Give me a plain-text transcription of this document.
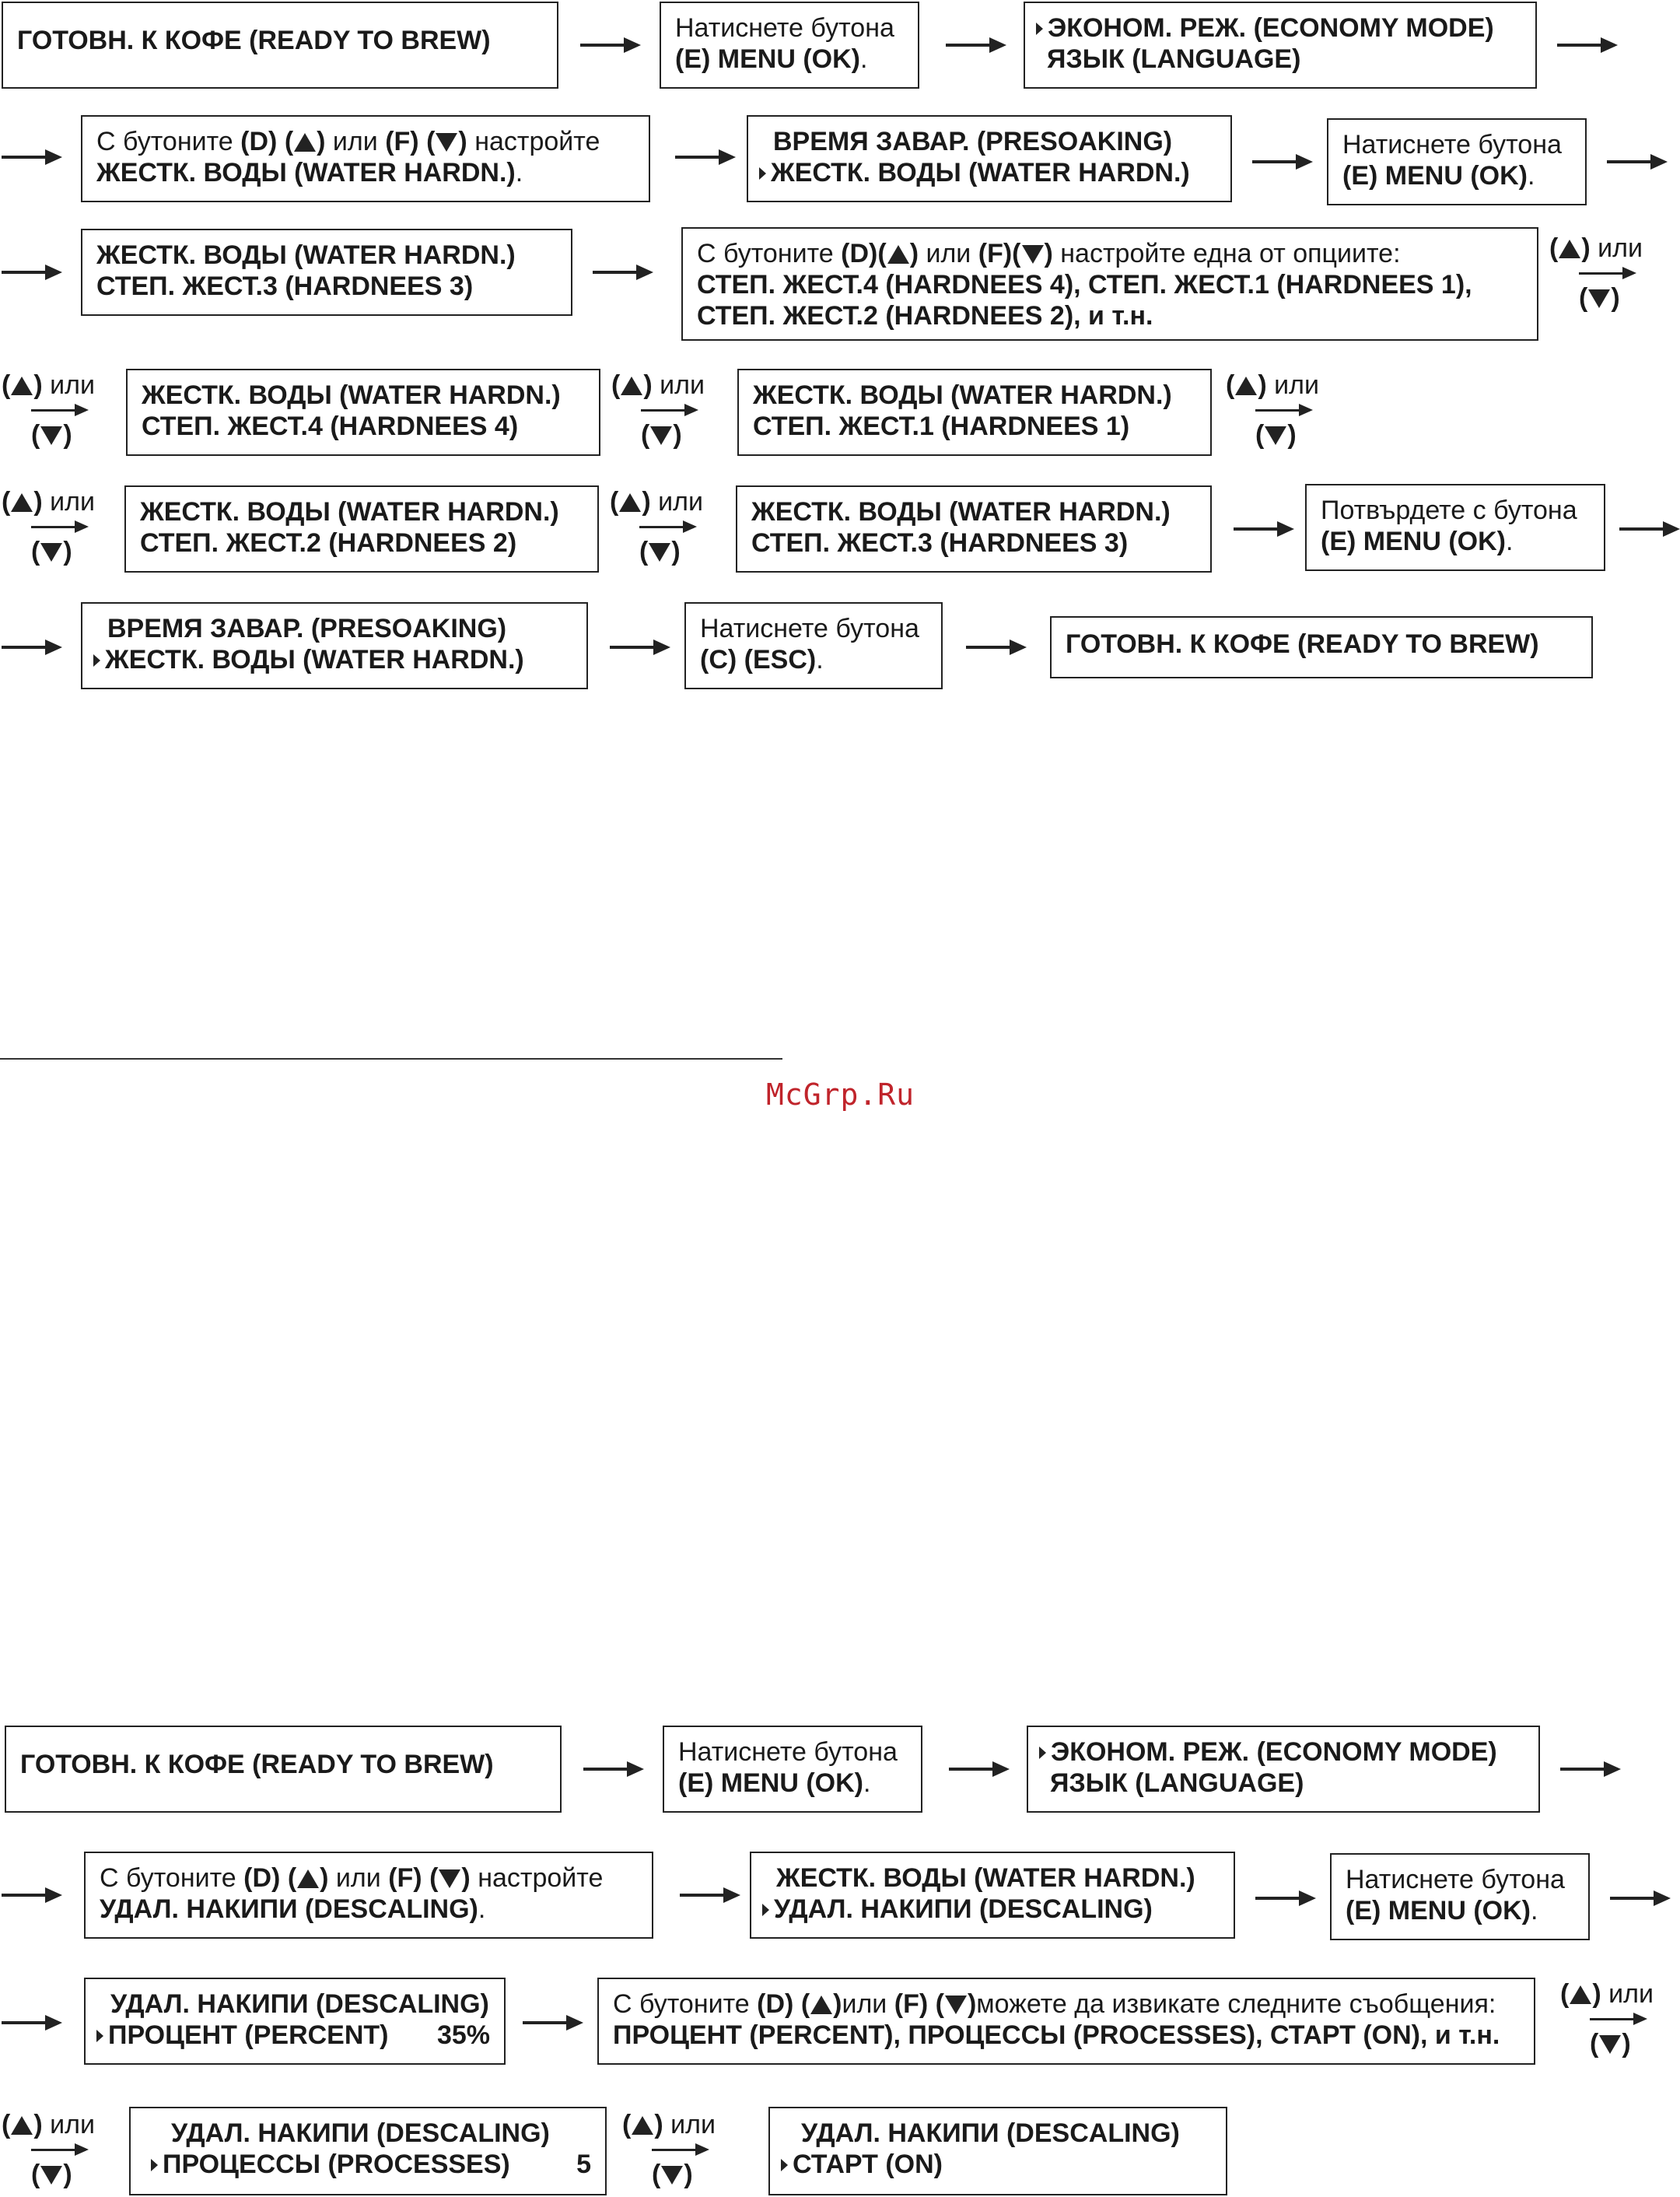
ГОТОВН. К КОФЕ (READY TO BREW)	Натиснете бутона
(E) MENU (OK).
ЭКОНОМ. РЕЖ. (ECONOMY MODE)
ЯЗЫК (LANGUAGE)
С бутоните (D) ( ) или (F) ( ) настройте
ЖЕСТК. ВОДЫ (WATER HARDN.).
ВРЕМЯ ЗАВАР. (PRESOAKING)
ЖЕСТК. ВОДЫ (WATER HARDN.)
Натиснете бутона
(E) MENU (OK).
ЖЕСТК. ВОДЫ (WATER HARDN.)
СТЕП. ЖЕСТ.3 (HARDNEES 3)
С бутоните (D)( ) или (F)( ) настройте една от опциите:
СТЕП. ЖЕСТ.4 (HARDNEES 4), СТЕП. ЖЕСТ.1 (HARDNEES 1),
СТЕП. ЖЕСТ.2 (HARDNEES 2), и т.н.
( ) или
( )
( ) или
( )
ЖЕСТК. ВОДЫ (WATER HARDN.)
СТЕП. ЖЕСТ.4 (HARDNEES 4)
( ) или
( )
ЖЕСТК. ВОДЫ (WATER HARDN.)
СТЕП. ЖЕСТ.1 (HARDNEES 1)
( ) или
( )
( ) или
( )
ЖЕСТК. ВОДЫ (WATER HARDN.)
СТЕП. ЖЕСТ.2 (HARDNEES 2)
( ) или
( )
ЖЕСТК. ВОДЫ (WATER HARDN.)
СТЕП. ЖЕСТ.3 (HARDNEES 3)
Потвърдете с бутона
(E) MENU (OK).
ВРЕМЯ ЗАВАР. (PRESOAKING)
ЖЕСТК. ВОДЫ (WATER HARDN.)
Натиснете бутона
(C) (ESC).
ГОТОВН. К КОФЕ (READY TO BREW)
McGrp.Ru
ГОТОВН. К КОФЕ (READY TO BREW)	Натиснете бутона
(E) MENU (OK).
ЭКОНОМ. РЕЖ. (ECONOMY MODE)
ЯЗЫК (LANGUAGE)
С бутоните (D) ( ) или (F) ( ) настройте
УДАЛ. НАКИПИ (DESCALING).
ЖЕСТК. ВОДЫ (WATER HARDN.)
УДАЛ. НАКИПИ (DESCALING)
Натиснете бутона
(E) MENU (OK).
УДАЛ. НАКИПИ (DESCALING)
ПРОЦЕНТ (PERCENT) 35%
С бутоните (D) ( )или (F) ( )можете да извикате следните съобщения:
ПРОЦЕНТ (PERCENT), ПРОЦЕССЫ (PROCESSES), СТАРТ (ON), и т.н.
( ) или
( )
( ) или
( )
УДАЛ. НАКИПИ (DESCALING)
ПРОЦЕССЫ (PROCESSES)	5
( ) или
( )
УДАЛ. НАКИПИ (DESCALING)
СТАРТ (ON)
